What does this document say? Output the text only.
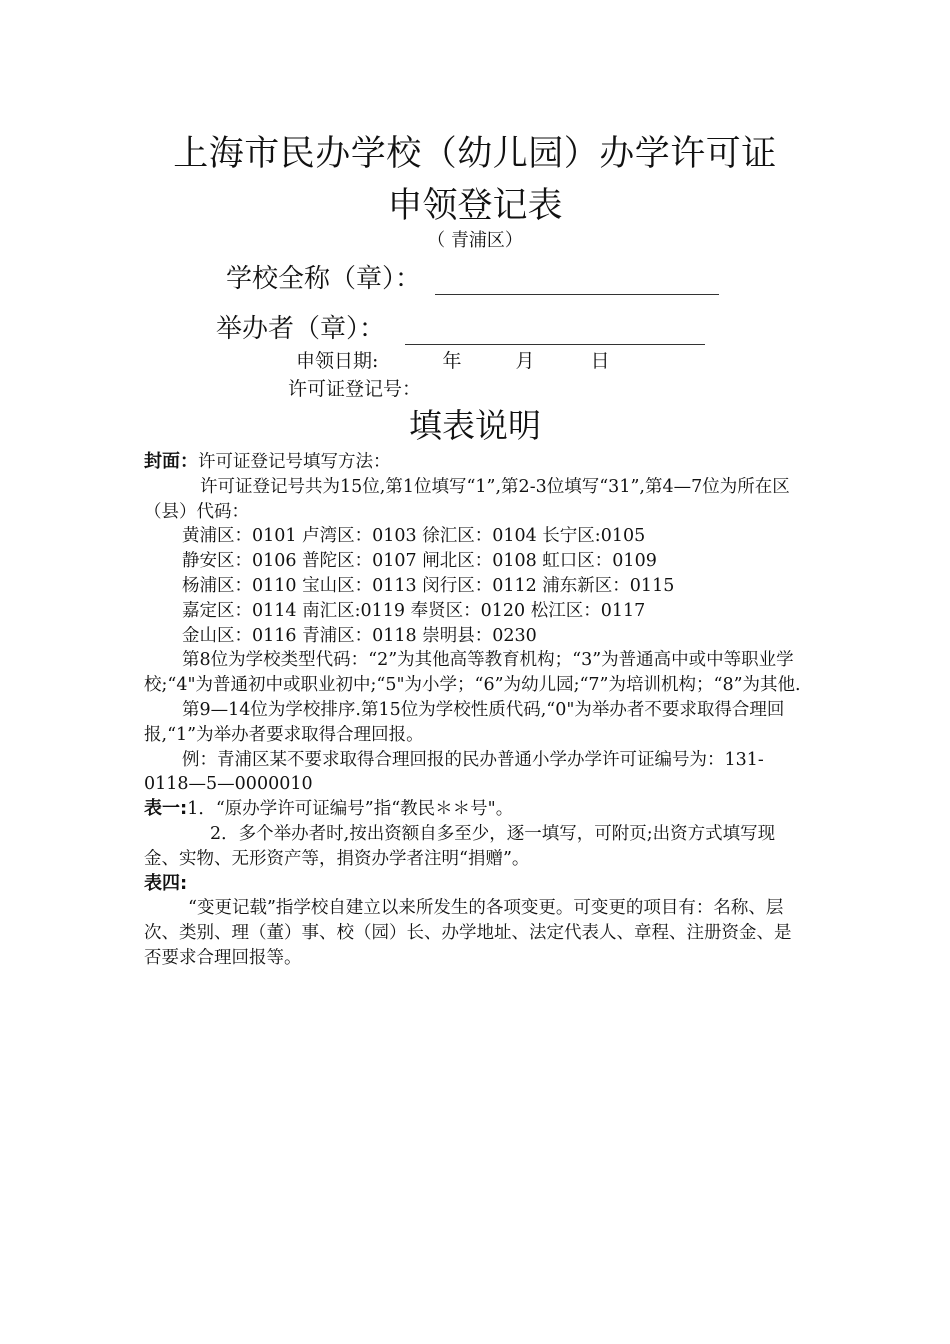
上海市民办学校（幼儿园）办学许可证
申领登记表
（ 青浦区）
学校全称（章）：
举办者（章）：
申领日期:	年	月	日
许可证登记号：
填表说明

封面：许可证登记号填写方法：

许可证登记号共为15位,第1位填写“1”,第2-3位填写“31”,第4—7位为所在区（县）代码：

黄浦区：0101 卢湾区：0103 徐汇区：0104 长宁区:0105

静安区：0106 普陀区：0107 闸北区：0108 虹口区：0109

杨浦区：0110 宝山区：0113 闵行区：0112 浦东新区：0115

嘉定区：0114 南汇区:0119 奉贤区：0120 松江区：0117

金山区：0116 青浦区：0118 崇明县：0230

第8位为学校类型代码：“2”为其他高等教育机构；“3”为普通高中或中等职业学校;“4"为普通初中或职业初中;“5"为小学；“6”为幼儿园;“7”为培训机构；“8”为其他.

第9—14位为学校排序.第15位为学校性质代码,“0"为举办者不要求取得合理回报,“1”为举办者要求取得合理回报。

例：青浦区某不要求取得合理回报的民办普通小学办学许可证编号为：131-0118—5—0000010

表一:1．“原办学许可证编号”指“教民＊＊号"。

2．多个举办者时,按出资额自多至少，逐一填写，可附页;出资方式填写现金、实物、无形资产等，捐资办学者注明“捐赠”。

表四:

“变更记载”指学校自建立以来所发生的各项变更。可变更的项目有：名称、层次、类别、理（董）事、校（园）长、办学地址、法定代表人、章程、注册资金、是否要求合理回报等。
